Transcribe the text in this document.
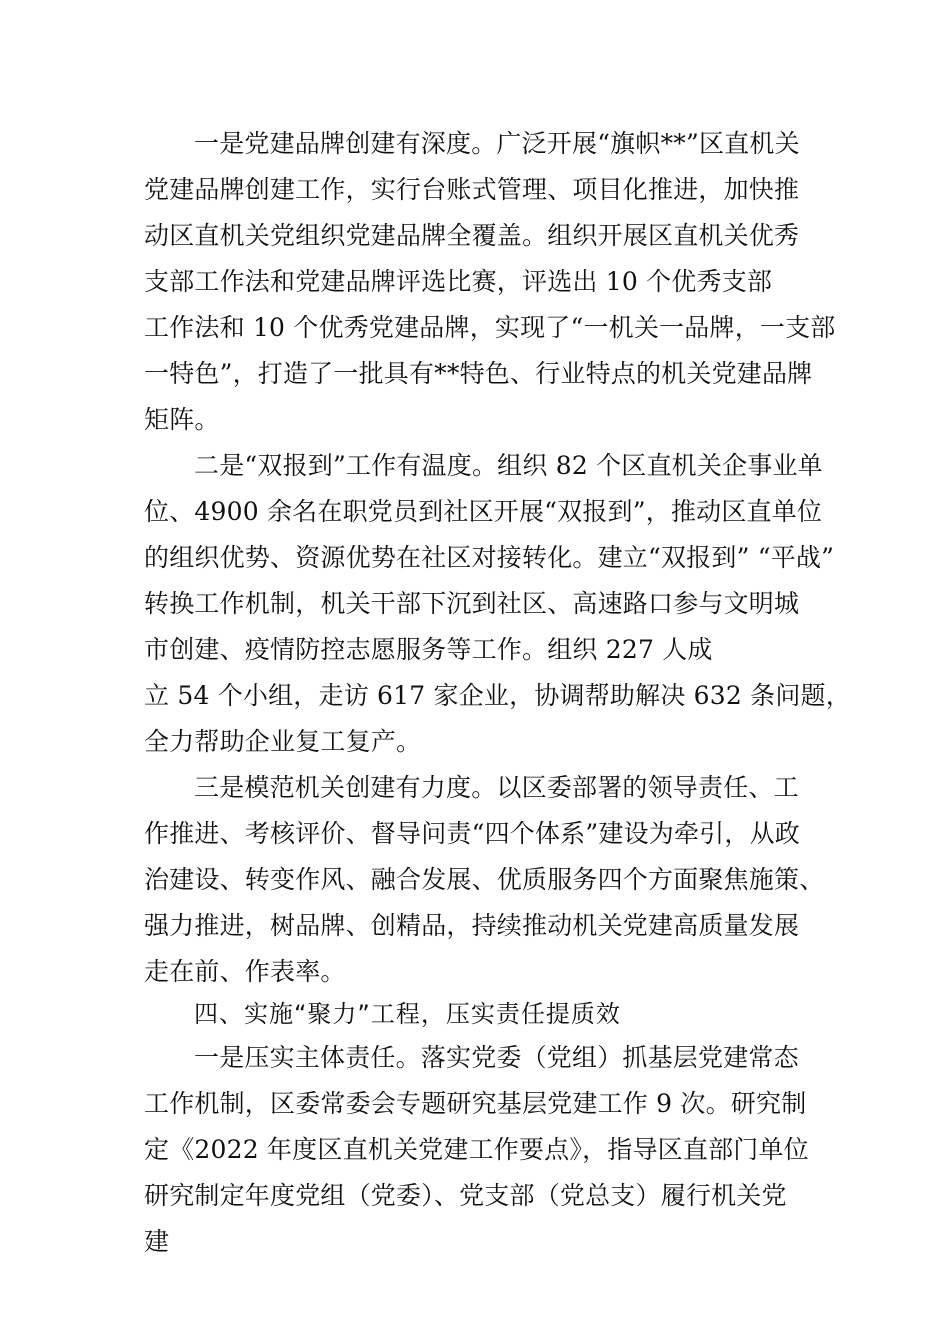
一是党建品牌创建有深度。广泛开展“旗帜**”区直机关
党建品牌创建工作，实行台账式管理、项目化推进，加快推
动区直机关党组织党建品牌全覆盖。组织开展区直机关优秀
支部工作法和党建品牌评选比赛，评选出 10 个优秀支部
工作法和 10 个优秀党建品牌，实现了“一机关一品牌，一支部
一特色”，打造了一批具有**特色、行业特点的机关党建品牌
矩阵。
二是“双报到”工作有温度。组织 82 个区直机关企事业单
位、4900 余名在职党员到社区开展“双报到”，推动区直单位
的组织优势、资源优势在社区对接转化。建立“双报到” “平战”
转换工作机制，机关干部下沉到社区、高速路口参与文明城
市创建、疫情防控志愿服务等工作。组织 227 人成
立 54 个小组，走访 617 家企业，协调帮助解决 632 条问题，
全力帮助企业复工复产。
三是模范机关创建有力度。以区委部署的领导责任、工
作推进、考核评价、督导问责“四个体系”建设为牵引，从政
治建设、转变作风、融合发展、优质服务四个方面聚焦施策、
强力推进，树品牌、创精品，持续推动机关党建高质量发展
走在前、作表率。
四、实施“聚力”工程，压实责任提质效
一是压实主体责任。落实党委（党组）抓基层党建常态
工作机制，区委常委会专题研究基层党建工作 9 次。研究制
定《2022 年度区直机关党建工作要点》，指导区直部门单位
研究制定年度党组（党委）、党支部（党总支）履行机关党
建
